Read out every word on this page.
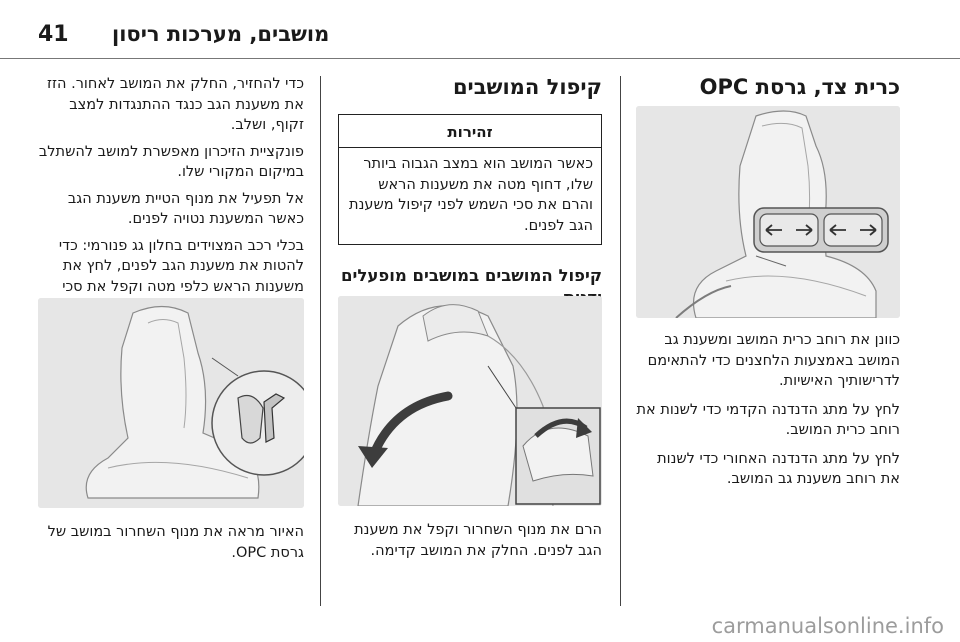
41 מושבים, מערכות ריסון
כרית צד, גרסת OPC

כוונן את רוחב כרית המושב ומשענת גב המושב באמצעות הלחצנים כדי להתאימם לדרישותיך האישיות.

לחץ על מתג הדנדנה הקדמי כדי לשנות את רוחב כרית המושב.

לחץ על מתג הדנדנה האחורי כדי לשנות את רוחב משענת גב המושב.

קיפול המושבים
זהירות
כאשר המושב הוא במצב הגבוה ביותר שלו, דחוף מטה את משענות הראש והרם את סכי השמש לפני קיפול משענת הגב לפנים.
קיפול המושבים במושבים מופעלים
הרם את מנוף השחרור וקפל את משענת הגב לפנים. החלק את המושב קדימה.

כדי להחזיר, החלק את המושב לאחור. הזז את משענת הגב כנגד ההתנגדות למצב זקוף, ושלב.

פונקציית הזיכרון מאפשרת למושב להשתלב במיקום המקורי שלו.

אל תפעיל את מנוף הטיית משענת הגב כאשר המשענת נטויה לפנים.

בכלי רכב המצוידים בחלון גג פנורמי: כדי להטות את משענת הגב לפנים, לחץ את משענות הראש כלפי מטה וקפל את סכי

האיור מראה את מנוף השחרור במושב של גרסת OPC.
carmanualsonline.info
